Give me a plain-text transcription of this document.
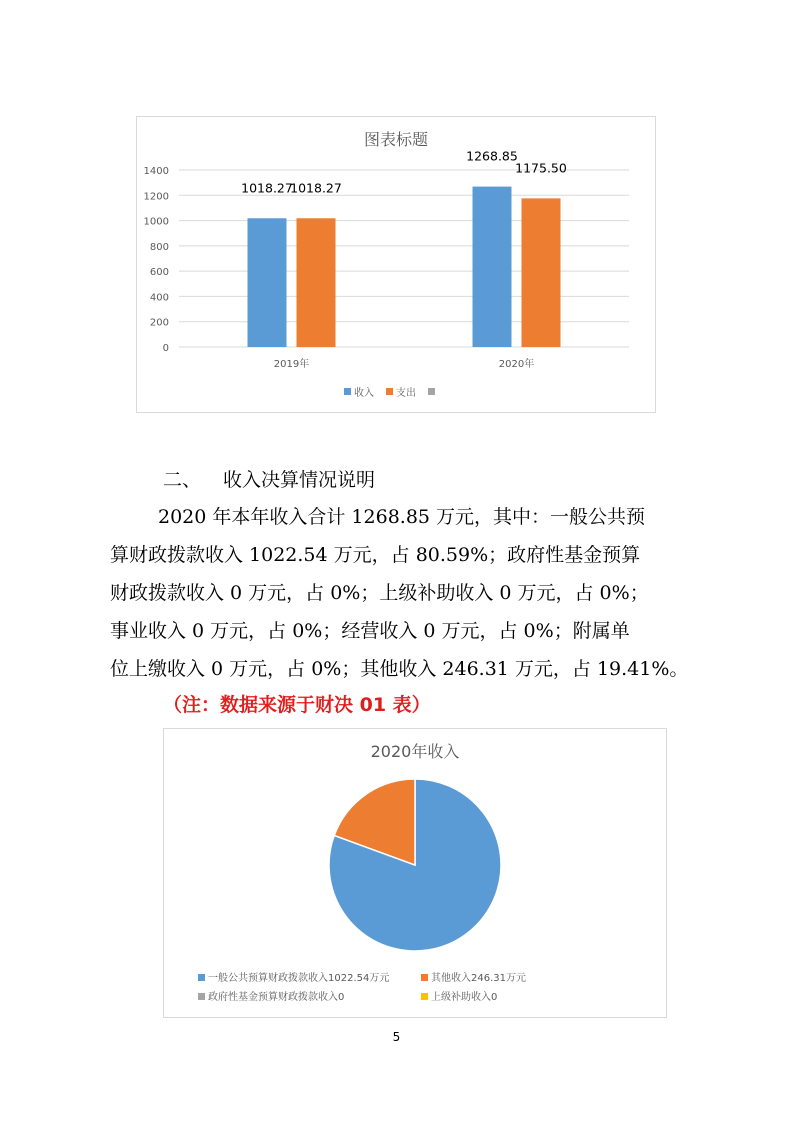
图表标题
0
200
400
600
800
1000
1200
1400
1018.27
1018.27
1268.85
1175.50
2019年	2020年
收入 支出
二、 收入决算情况说明

2020 年本年收入合计 1268.85 万元，其中：一般公共预
算财政拨款收入 1022.54 万元，占 80.59%；政府性基金预算
财政拨款收入 0 万元，占 0%；上级补助收入 0 万元，占 0%；
事业收入 0 万元，占 0%；经营收入 0 万元，占 0%；附属单
位上缴收入 0 万元，占 0%；其他收入 246.31 万元，占 19.41%。

（注：数据来源于财决 01 表）

2020年收入
一般公共预算财政拨款收入1022.54万元	其他收入246.31万元
政府性基金预算财政拨款收入0	上级补助收入0
5
